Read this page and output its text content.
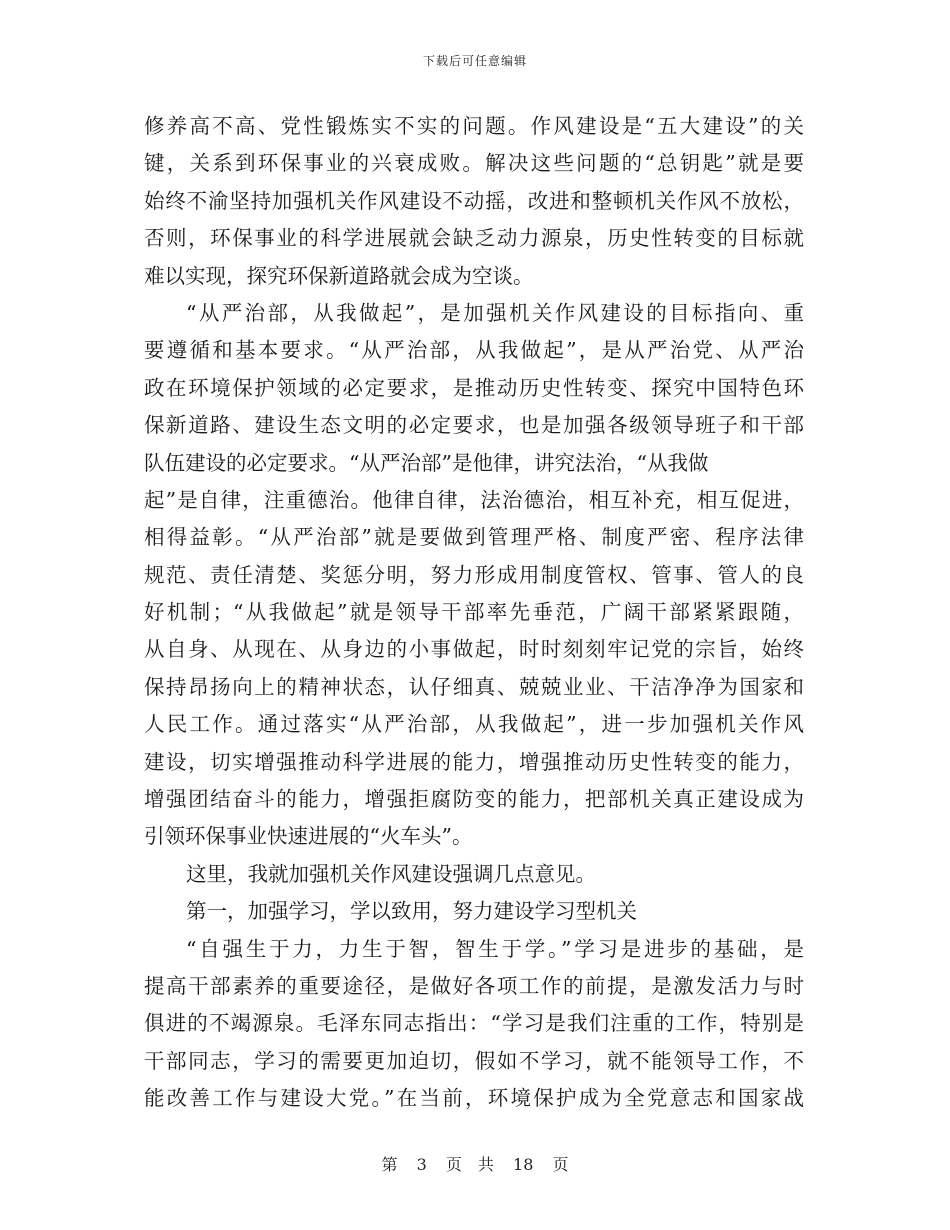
下载后可任意编辑
修养高不高、党性锻炼实不实的问题。作风建设是“五大建设”的关
键，关系到环保事业的兴衰成败。解决这些问题的“总钥匙”就是要
始终不渝坚持加强机关作风建设不动摇，改进和整顿机关作风不放松，
否则，环保事业的科学进展就会缺乏动力源泉，历史性转变的目标就
难以实现，探究环保新道路就会成为空谈。
“从严治部，从我做起”，是加强机关作风建设的目标指向、重
要遵循和基本要求。“从严治部，从我做起”，是从严治党、从严治
政在环境保护领域的必定要求，是推动历史性转变、探究中国特色环
保新道路、建设生态文明的必定要求，也是加强各级领导班子和干部
队伍建设的必定要求。“从严治部”是他律，讲究法治，“从我做
起”是自律，注重德治。他律自律，法治德治，相互补充，相互促进，
相得益彰。“从严治部”就是要做到管理严格、制度严密、程序法律
规范、责任清楚、奖惩分明，努力形成用制度管权、管事、管人的良
好机制；“从我做起”就是领导干部率先垂范，广阔干部紧紧跟随，
从自身、从现在、从身边的小事做起，时时刻刻牢记党的宗旨，始终
保持昂扬向上的精神状态，认仔细真、兢兢业业、干洁净净为国家和
人民工作。通过落实“从严治部，从我做起”，进一步加强机关作风
建设，切实增强推动科学进展的能力，增强推动历史性转变的能力，
增强团结奋斗的能力，增强拒腐防变的能力，把部机关真正建设成为
引领环保事业快速进展的“火车头”。
这里，我就加强机关作风建设强调几点意见。
第一，加强学习，学以致用，努力建设学习型机关
“自强生于力，力生于智，智生于学。”学习是进步的基础，是
提高干部素养的重要途径，是做好各项工作的前提，是激发活力与时
俱进的不竭源泉。毛泽东同志指出：“学习是我们注重的工作，特别是
干部同志，学习的需要更加迫切，假如不学习，就不能领导工作，不
能改善工作与建设大党。”在当前，环境保护成为全党意志和国家战
第 3 页　共 18 页
